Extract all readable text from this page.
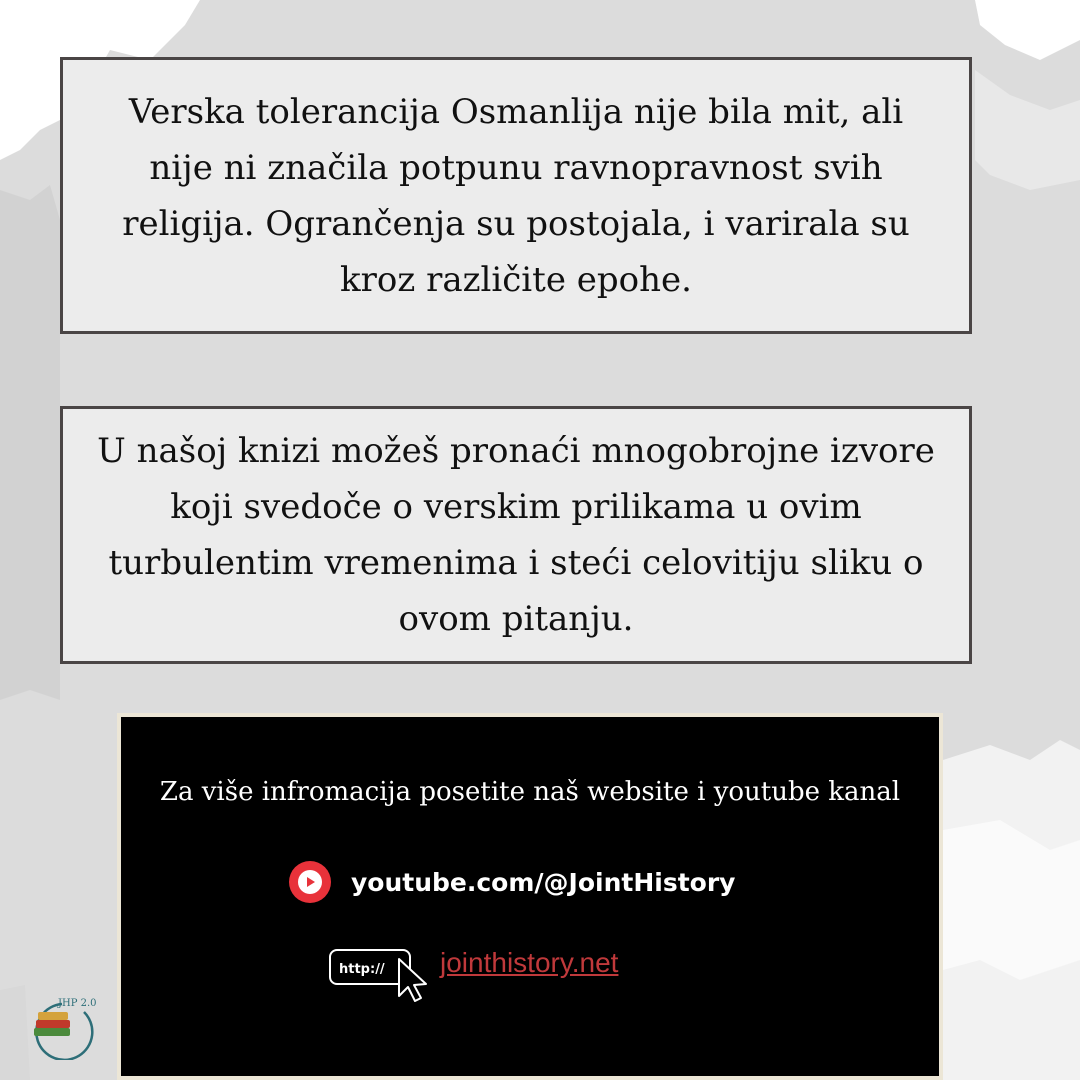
Verska tolerancija Osmanlija nije bila mit, ali nije ni značila potpunu ravnopravnost svih religija. Ogrančenja su postojala, i varirala su kroz različite epohe.

U našoj knizi možeš pronaći mnogobrojne izvore koji svedoče o verskim prilikama u ovim turbulentim vremenima i steći celovitiju sliku o ovom pitanju.

Za više infromacija posetite naš website i youtube kanal
youtube.com/@JointHistory
http:// jointhistory.net
JHP 2.0
